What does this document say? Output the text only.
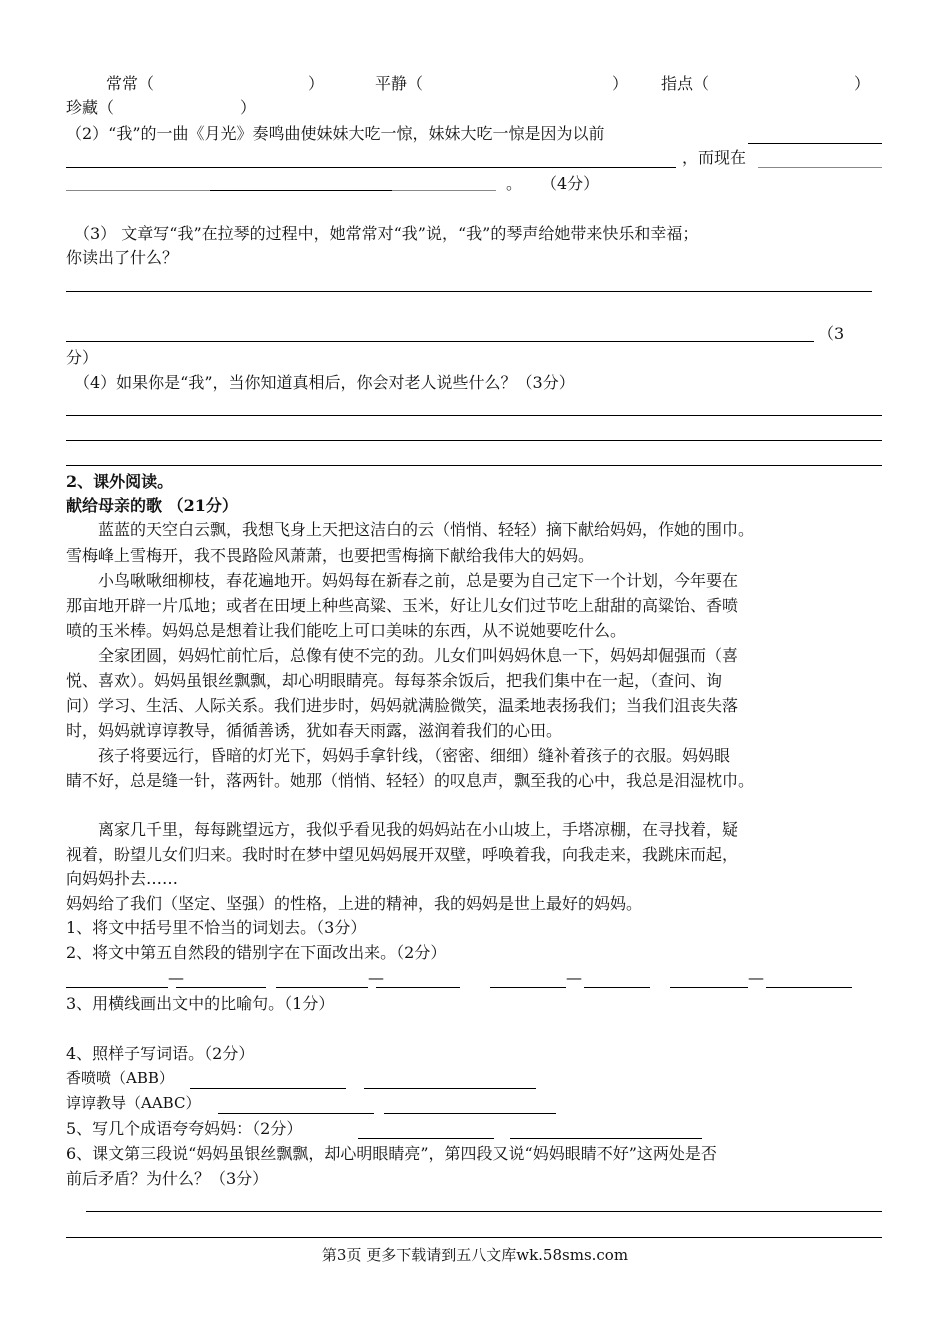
常常（	）	平静（	） 指点（	）
珍藏（	）
（2）“我”的一曲《月光》奏鸣曲使妹妹大吃一惊，妹妹大吃一惊是因为以前
，而现在
。 （4分）
（3） 文章写“我”在拉琴的过程中，她常常对“我”说，“我”的琴声给她带来快乐和幸福；
你读出了什么？
（3
分）
（4）如果你是“我”，当你知道真相后，你会对老人说些什么？（3分）
2、课外阅读。
献给母亲的歌 （21分）
蓝蓝的天空白云飘，我想飞身上天把这洁白的云（悄悄、轻轻）摘下献给妈妈，作她的围巾。
雪梅峰上雪梅开，我不畏路险风萧萧，也要把雪梅摘下献给我伟大的妈妈。
小鸟啾啾细柳枝，春花遍地开。妈妈每在新春之前，总是要为自己定下一个计划，今年要在
那亩地开辟一片瓜地；或者在田埂上种些高粱、玉米，好让儿女们过节吃上甜甜的高粱饴、香喷
喷的玉米棒。妈妈总是想着让我们能吃上可口美味的东西，从不说她要吃什么。
全家团圆，妈妈忙前忙后，总像有使不完的劲。儿女们叫妈妈休息一下，妈妈却倔强而（喜
悦、喜欢）。妈妈虽银丝飘飘，却心明眼睛亮。每每茶余饭后，把我们集中在一起，（查问、询
问）学习、生活、人际关系。我们进步时，妈妈就满脸微笑，温柔地表扬我们；当我们沮丧失落
时，妈妈就谆谆教导，循循善诱，犹如春天雨露，滋润着我们的心田。
孩子将要远行，昏暗的灯光下，妈妈手拿针线，（密密、细细）缝补着孩子的衣服。妈妈眼
睛不好，总是缝一针，落两针。她那（悄悄、轻轻）的叹息声，飘至我的心中，我总是泪湿枕巾。
离家几千里，每每跳望远方，我似乎看见我的妈妈站在小山坡上，手塔凉棚，在寻找着，疑
视着，盼望儿女们归来。我时时在梦中望见妈妈展开双壁，呼唤着我，向我走来，我跳床而起，
向妈妈扑去……
妈妈给了我们（坚定、坚强）的性格，上进的精神，我的妈妈是世上最好的妈妈。
1、将文中括号里不恰当的词划去。（3分）
2、将文中第五自然段的错别字在下面改出来。（2分）
—	—	—	—
3、用横线画出文中的比喻句。（1分）
4、照样子写词语。（2分）
香喷喷（ABB）
谆谆教导（AABC）
5、写几个成语夸夸妈妈：（2分）
6、课文第三段说“妈妈虽银丝飘飘，却心明眼睛亮”，第四段又说“妈妈眼睛不好”这两处是否
前后矛盾？为什么？（3分）
第3页 更多下载请到五八文库wk.58sms.com
